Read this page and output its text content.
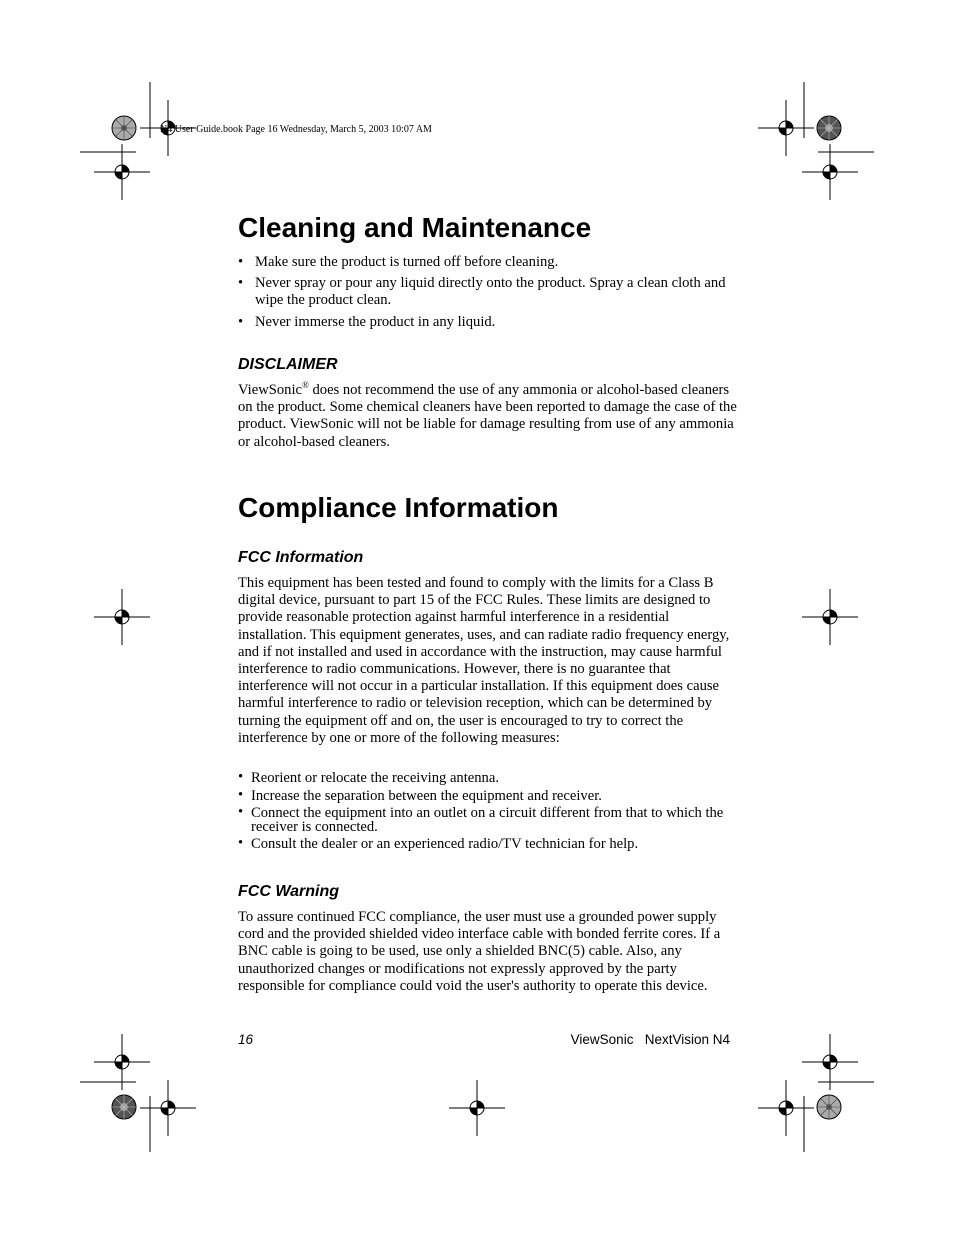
N4 User Guide.book Page 16 Wednesday, March 5, 2003 10:07 AM
Cleaning and Maintenance
• Make sure the product is turned off before cleaning.
• Never spray or pour any liquid directly onto the product. Spray a clean cloth and wipe the product clean.
• Never immerse the product in any liquid.
DISCLAIMER

ViewSonic® does not recommend the use of any ammonia or alcohol-based cleaners on the product. Some chemical cleaners have been reported to damage the case of the product. ViewSonic will not be liable for damage resulting from use of any ammonia or alcohol-based cleaners.

Compliance Information
FCC Information

This equipment has been tested and found to comply with the limits for a Class B digital device, pursuant to part 15 of the FCC Rules. These limits are designed to provide reasonable protection against harmful interference in a residential installation. This equipment generates, uses, and can radiate radio frequency energy, and if not installed and used in accordance with the instruction, may cause harmful interference to radio communications. However, there is no guarantee that interference will not occur in a particular installation. If this equipment does cause harmful interference to radio or television reception, which can be determined by turning the equipment off and on, the user is encouraged to try to correct the interference by one or more of the following measures:

• Reorient or relocate the receiving antenna.
• Increase the separation between the equipment and receiver.
• Connect the equipment into an outlet on a circuit different from that to which the receiver is connected.
• Consult the dealer or an experienced radio/TV technician for help.
FCC Warning

To assure continued FCC compliance, the user must use a grounded power supply cord and the provided shielded video interface cable with bonded ferrite cores. If a BNC cable is going to be used, use only a shielded BNC(5) cable. Also, any unauthorized changes or modifications not expressly approved by the party responsible for compliance could void the user's authority to operate this device.

16	ViewSonic   NextVision N4
